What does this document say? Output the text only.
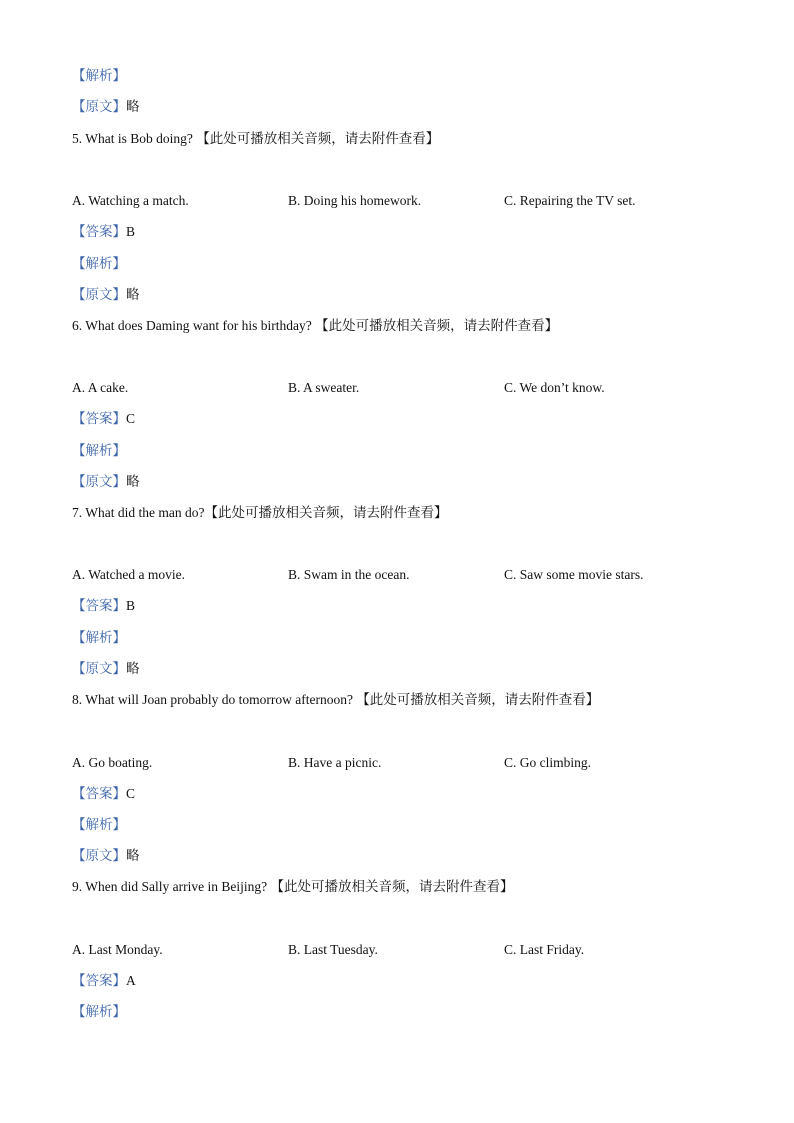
【解析】
【原文】略
5. What is Bob doing? 【此处可播放相关音频，请去附件查看】
A. Watching a match.	B. Doing his homework.	C. Repairing the TV set.
【答案】B
【解析】
【原文】略
6. What does Daming want for his birthday? 【此处可播放相关音频，请去附件查看】
A. A cake.	B. A sweater.	C. We don’t know.
【答案】C
【解析】
【原文】略
7. What did the man do?【此处可播放相关音频，请去附件查看】
A. Watched a movie.	B. Swam in the ocean.	C. Saw some movie stars.
【答案】B
【解析】
【原文】略
8. What will Joan probably do tomorrow afternoon? 【此处可播放相关音频，请去附件查看】
A. Go boating.	B. Have a picnic.	C. Go climbing.
【答案】C
【解析】
【原文】略
9. When did Sally arrive in Beijing? 【此处可播放相关音频，请去附件查看】
A. Last Monday.	B. Last Tuesday.	C. Last Friday.
【答案】A
【解析】
